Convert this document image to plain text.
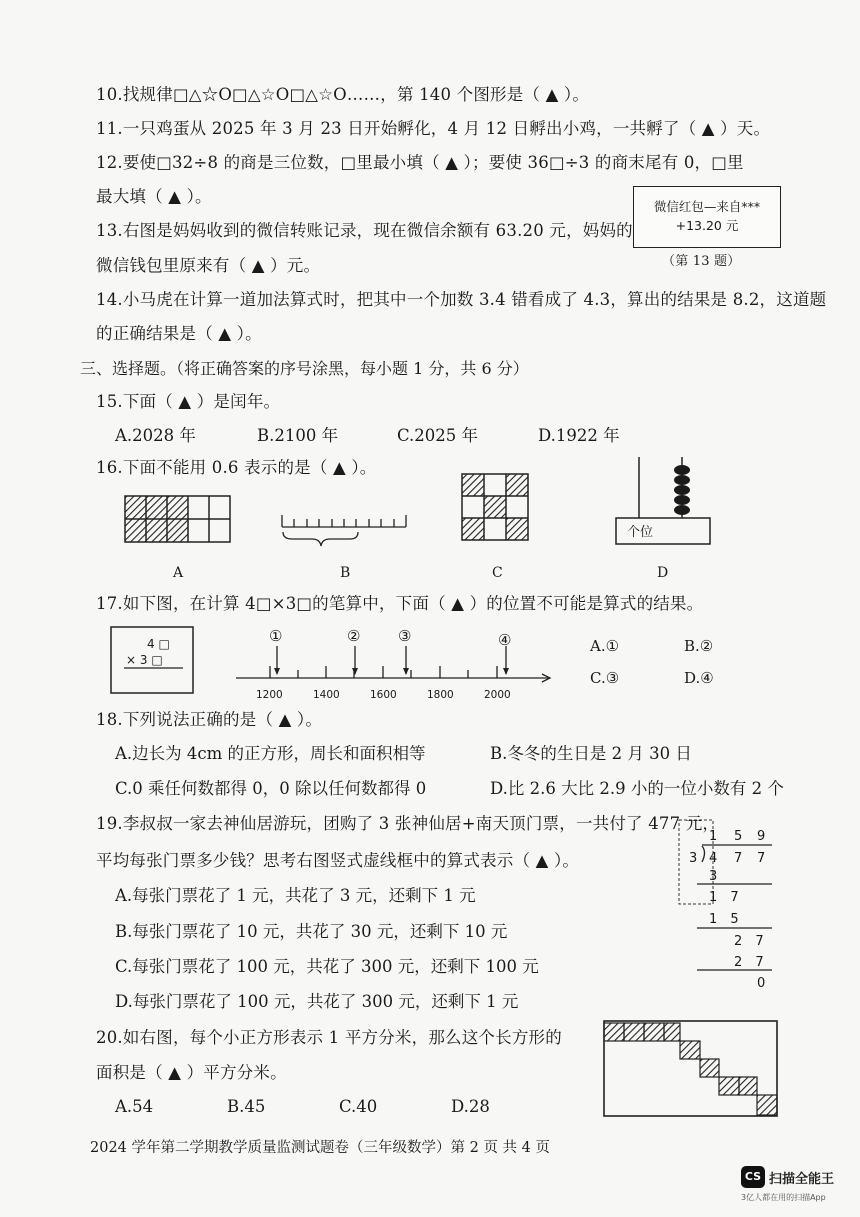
10.找规律□△☆O□△☆O□△☆O……，第 140 个图形是（ ▲ ）。
11.一只鸡蛋从 2025 年 3 月 23 日开始孵化，4 月 12 日孵出小鸡，一共孵了（ ▲ ）天。
12.要使□32÷8 的商是三位数，□里最小填（ ▲ ）；要使 36□÷3 的商末尾有 0，□里
最大填（ ▲ ）。
13.右图是妈妈收到的微信转账记录，现在微信余额有 63.20 元，妈妈的
微信钱包里原来有（ ▲ ）元。
微信红包—来自***
+13.20 元
（第 13 题）
14.小马虎在计算一道加法算式时，把其中一个加数 3.4 错看成了 4.3，算出的结果是 8.2，这道题
的正确结果是（ ▲ ）。
三、选择题。（将正确答案的序号涂黑，每小题 1 分，共 6 分）
15.下面（ ▲ ）是闰年。
A.2028 年	B.2100 年	C.2025 年	D.1922 年
16.下面不能用 0.6 表示的是（ ▲ ）。
A	B	C	D
个位
17.如下图，在计算 4□×3□的笔算中，下面（ ▲ ）的位置不可能是算式的结果。
4 □
× 3 □
①	②	③	④
1200	1400	1600	1800	2000
A.①	B.②
C.③	D.④
18.下列说法正确的是（ ▲ ）。
A.边长为 4cm 的正方形，周长和面积相等	B.冬冬的生日是 2 月 30 日
C.0 乘任何数都得 0，0 除以任何数都得 0	D.比 2.6 大比 2.9 小的一位小数有 2 个
19.李叔叔一家去神仙居游玩，团购了 3 张神仙居+南天顶门票，一共付了 477 元，
平均每张门票多少钱？思考右图竖式虚线框中的算式表示（ ▲ ）。
A.每张门票花了 1 元，共花了 3 元，还剩下 1 元
B.每张门票花了 10 元，共花了 30 元，还剩下 10 元
C.每张门票花了 100 元，共花了 300 元，还剩下 100 元
D.每张门票花了 100 元，共花了 300 元，还剩下 1 元
1 5 9
3 4 7 7
3
1 7
1 5
2 7
2 7
0
20.如右图，每个小正方形表示 1 平方分米，那么这个长方形的
面积是（ ▲ ）平方分米。
A.54	B.45	C.40	D.28
2024 学年第二学期教学质量监测试题卷（三年级数学）第 2 页 共 4 页
CS 扫描全能王
3亿人都在用的扫描App
